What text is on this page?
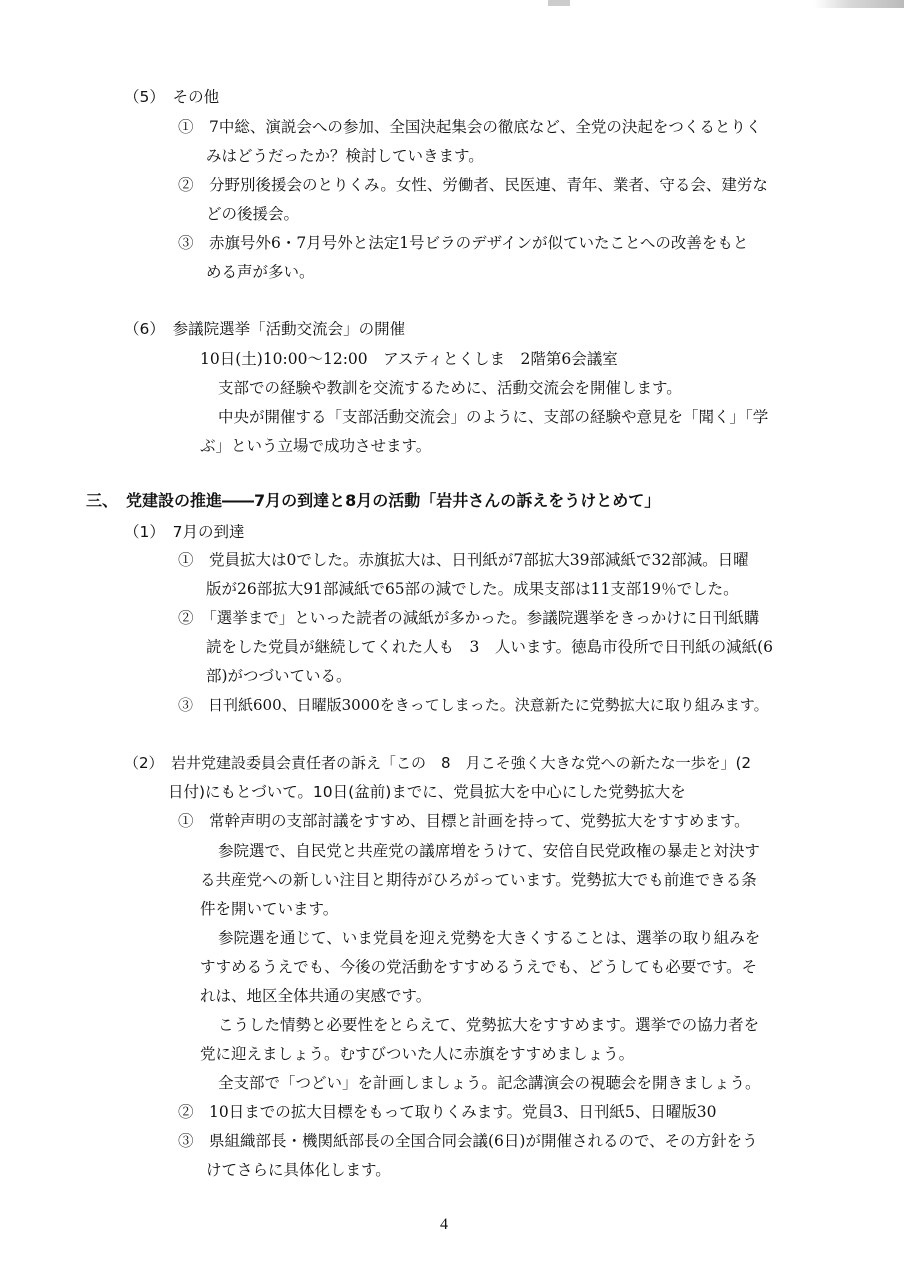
（5）　その他
①　7中総、演説会への参加、全国決起集会の徹底など、全党の決起をつくるとりく
みはどうだったか？検討していきます。
②　分野別後援会のとりくみ。女性、労働者、民医連、青年、業者、守る会、建労な
どの後援会。
③　赤旗号外6・7月号外と法定1号ビラのデザインが似ていたことへの改善をもと
める声が多い。
（6）　参議院選挙「活動交流会」の開催
10日(土)10:00～12:00　アスティとくしま　2階第6会議室
支部での経験や教訓を交流するために、活動交流会を開催します。
中央が開催する「支部活動交流会」のように、支部の経験や意見を「聞く」「学
ぶ」という立場で成功させます。
三、　党建設の推進――7月の到達と8月の活動「岩井さんの訴えをうけとめて」
（1）　7月の到達
①　党員拡大は0でした。赤旗拡大は、日刊紙が7部拡大39部減紙で32部減。日曜
版が26部拡大91部減紙で65部の減でした。成果支部は11支部19％でした。
②　「選挙まで」といった読者の減紙が多かった。参議院選挙をきっかけに日刊紙購
読をした党員が継続してくれた人も　3　人います。徳島市役所で日刊紙の減紙(6
部)がつづいている。
③　日刊紙600、日曜版3000をきってしまった。決意新たに党勢拡大に取り組みます。
（2）　岩井党建設委員会責任者の訴え「この　8　月こそ強く大きな党への新たな一歩を」(2
日付)にもとづいて。10日(盆前)までに、党員拡大を中心にした党勢拡大を
①　常幹声明の支部討議をすすめ、目標と計画を持って、党勢拡大をすすめます。
参院選で、自民党と共産党の議席増をうけて、安倍自民党政権の暴走と対決す
る共産党への新しい注目と期待がひろがっています。党勢拡大でも前進できる条
件を開いています。
参院選を通じて、いま党員を迎え党勢を大きくすることは、選挙の取り組みを
すすめるうえでも、今後の党活動をすすめるうえでも、どうしても必要です。そ
れは、地区全体共通の実感です。
こうした情勢と必要性をとらえて、党勢拡大をすすめます。選挙での協力者を
党に迎えましょう。むすびついた人に赤旗をすすめましょう。
全支部で「つどい」を計画しましょう。記念講演会の視聴会を開きましょう。
②　10日までの拡大目標をもって取りくみます。党員3、日刊紙5、日曜版30
③　県組織部長・機関紙部長の全国合同会議(6日)が開催されるので、その方針をう
けてさらに具体化します。
4
